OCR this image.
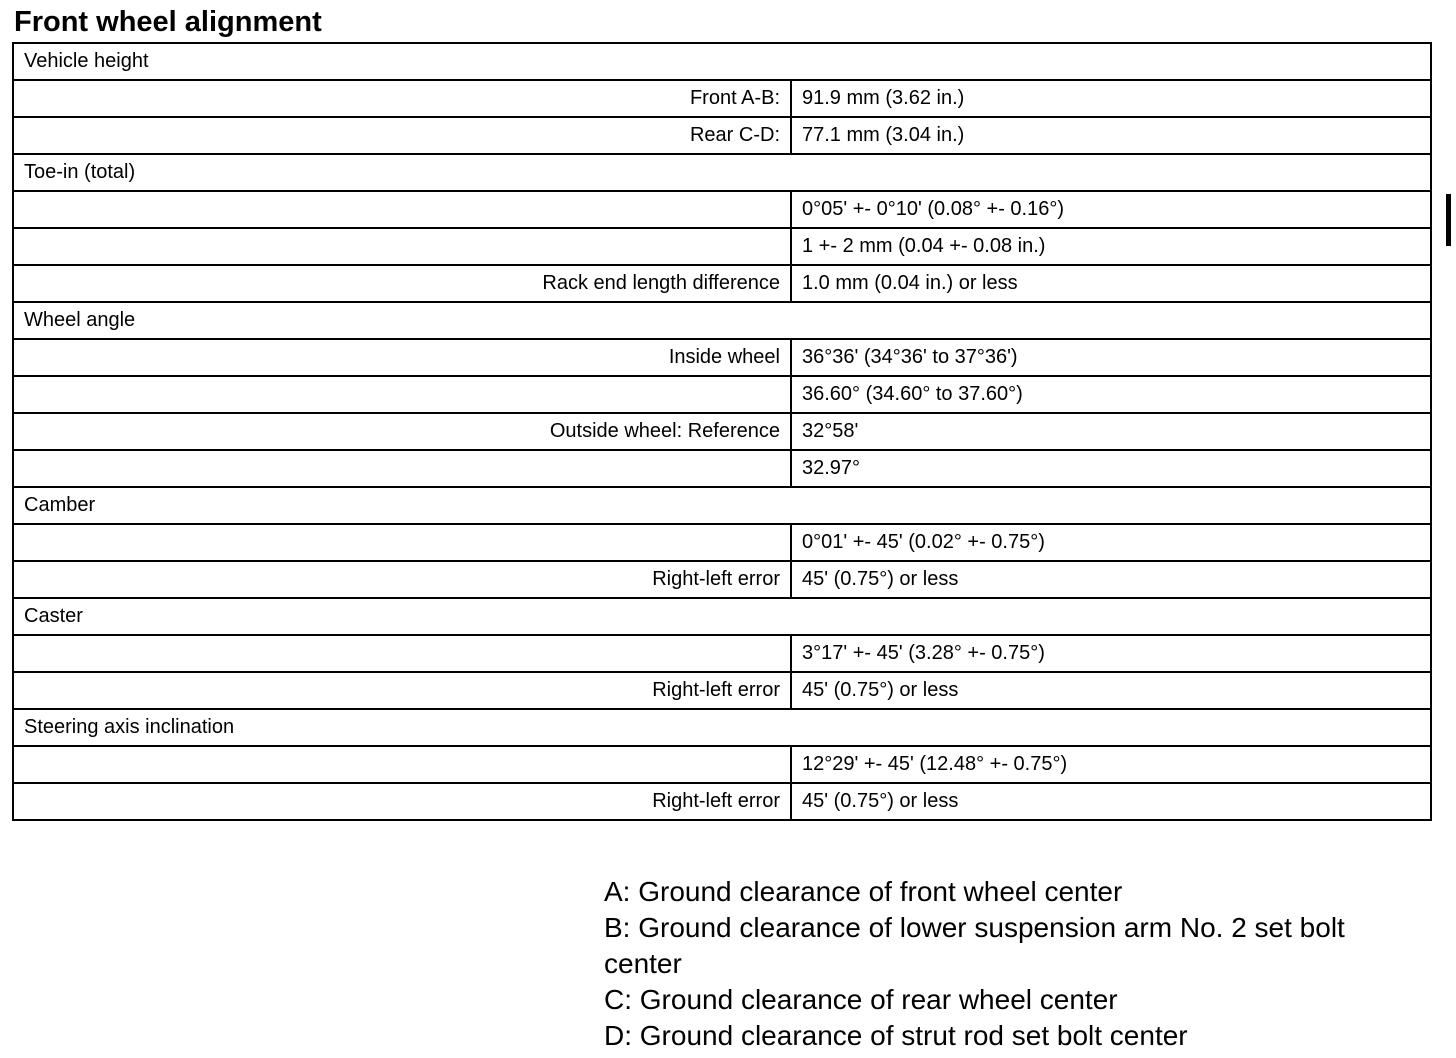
Front wheel alignment
Vehicle height	
Front A-B:	91.9 mm (3.62 in.)
Rear C-D:	77.1 mm (3.04 in.)
Toe-in (total)	
	0°05' +- 0°10' (0.08° +- 0.16°)
	1 +- 2 mm (0.04 +- 0.08 in.)
Rack end length difference	1.0 mm (0.04 in.) or less
Wheel angle	
Inside wheel	36°36' (34°36' to 37°36')
	36.60° (34.60° to 37.60°)
Outside wheel: Reference	32°58'
	32.97°
Camber	
	0°01' +- 45' (0.02° +- 0.75°)
Right-left error	45' (0.75°) or less
Caster	
	3°17' +- 45' (3.28° +- 0.75°)
Right-left error	45' (0.75°) or less
Steering axis inclination	
	12°29' +- 45' (12.48° +- 0.75°)
Right-left error	45' (0.75°) or less

A: Ground clearance of front wheel center

B: Ground clearance of lower suspension arm No. 2 set bolt center

C: Ground clearance of rear wheel center

D: Ground clearance of strut rod set bolt center
